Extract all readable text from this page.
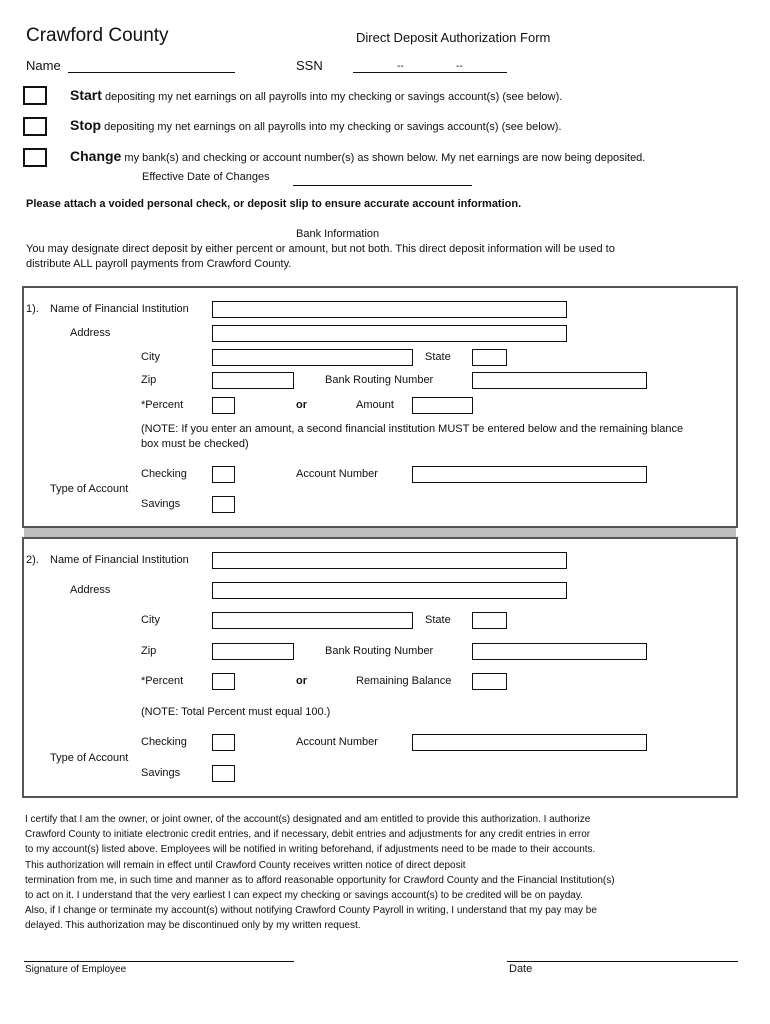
Crawford County	Direct Deposit Authorization Form
Name	SSN	--	--
Start depositing my net earnings on all payrolls into my checking or savings account(s) (see below).
Stop depositing my net earnings on all payrolls into my checking or savings account(s) (see below).
Change my bank(s) and checking or account number(s) as shown below. My net earnings are now being deposited.
Effective Date of Changes
Please attach a voided personal check, or deposit slip to ensure accurate account information.
Bank Information
You may designate direct deposit by either percent or amount, but not both. This direct deposit information will be used to
distribute ALL payroll payments from Crawford County.
1). Name of Financial Institution
Address
City	State
Zip	Bank Routing Number
*Percent	or	Amount
(NOTE: If you enter an amount, a second financial institution MUST be entered below and the remaining blance
box must be checked)
Checking	Account Number
Type of Account
Savings
2). Name of Financial Institution
Address
City	State
Zip	Bank Routing Number
*Percent	or	Remaining Balance
(NOTE: Total Percent must equal 100.)
Checking	Account Number
Type of Account
Savings
I certify that I am the owner, or joint owner, of the account(s) designated and am entitled to provide this authorization. I authorize
Crawford County to initiate electronic credit entries, and if necessary, debit entries and adjustments for any credit entries in error
to my account(s) listed above. Employees will be notified in writing beforehand, if adjustments need to be made to their accounts.
This authorization will remain in effect until Crawford County receives written notice of direct deposit
termination from me, in such time and manner as to afford reasonable opportunity for Crawford County and the Financial Institution(s)
to act on it. I understand that the very earliest I can expect my checking or savings account(s) to be credited will be on payday.
Also, if I change or terminate my account(s) without notifying Crawford County Payroll in writing, I understand that my pay may be
delayed. This authorization may be discontinued only by my written request.
Signature of Employee	Date
